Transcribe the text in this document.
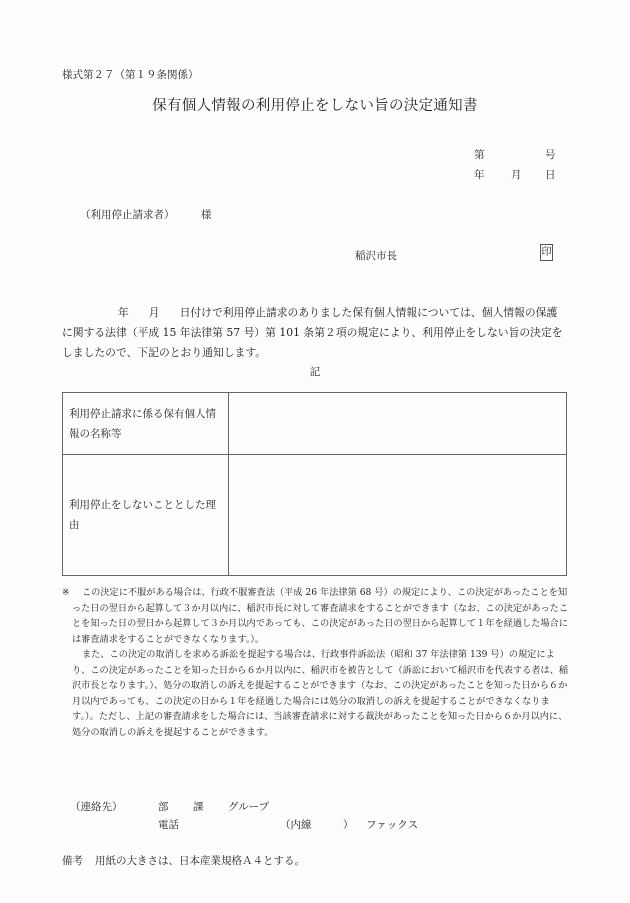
様式第２７（第１９条関係）
保有個人情報の利用停止をしない旨の決定通知書
第	号
年	月 日
（利用停止請求者）	様
稲沢市長	印

年 月 日付けで利用停止請求のありました保有個人情報については、個人情報の保護に関する法律（平成 15 年法律第 57 号）第 101 条第２項の規定により、利用停止をしない旨の決定をしましたので、下記のとおり通知します。

記
利用停止請求に係る保有個人情報の名称等	
利用停止をしないこととした理由	
※	この決定に不服がある場合は、行政不服審査法（平成 26 年法律第 68 号）の規定により、この決定があったことを知った日の翌日から起算して３か月以内に、稲沢市長に対して審査請求をすることができます（なお、この決定があったことを知った日の翌日から起算して３か月以内であっても、この決定があった日の翌日から起算して１年を経過した場合には審査請求をすることができなくなります。）。

また、この決定の取消しを求める訴訟を提起する場合は、行政事件訴訟法（昭和 37 年法律第 139 号）の規定により、この決定があったことを知った日から６か月以内に、稲沢市を被告として（訴訟において稲沢市を代表する者は、稲沢市長となります。）、処分の取消しの訴えを提起することができます（なお、この決定があったことを知った日から６か月以内であっても、この決定の日から１年を経過した場合には処分の取消しの訴えを提起することができなくなります。）。ただし、上記の審査請求をした場合には、当該審査請求に対する裁決があったことを知った日から６か月以内に、処分の取消しの訴えを提起することができます。

（連絡先）	部 課 グループ
電話	（内線	） ファックス
備考 用紙の大きさは、日本産業規格Ａ４とする。
